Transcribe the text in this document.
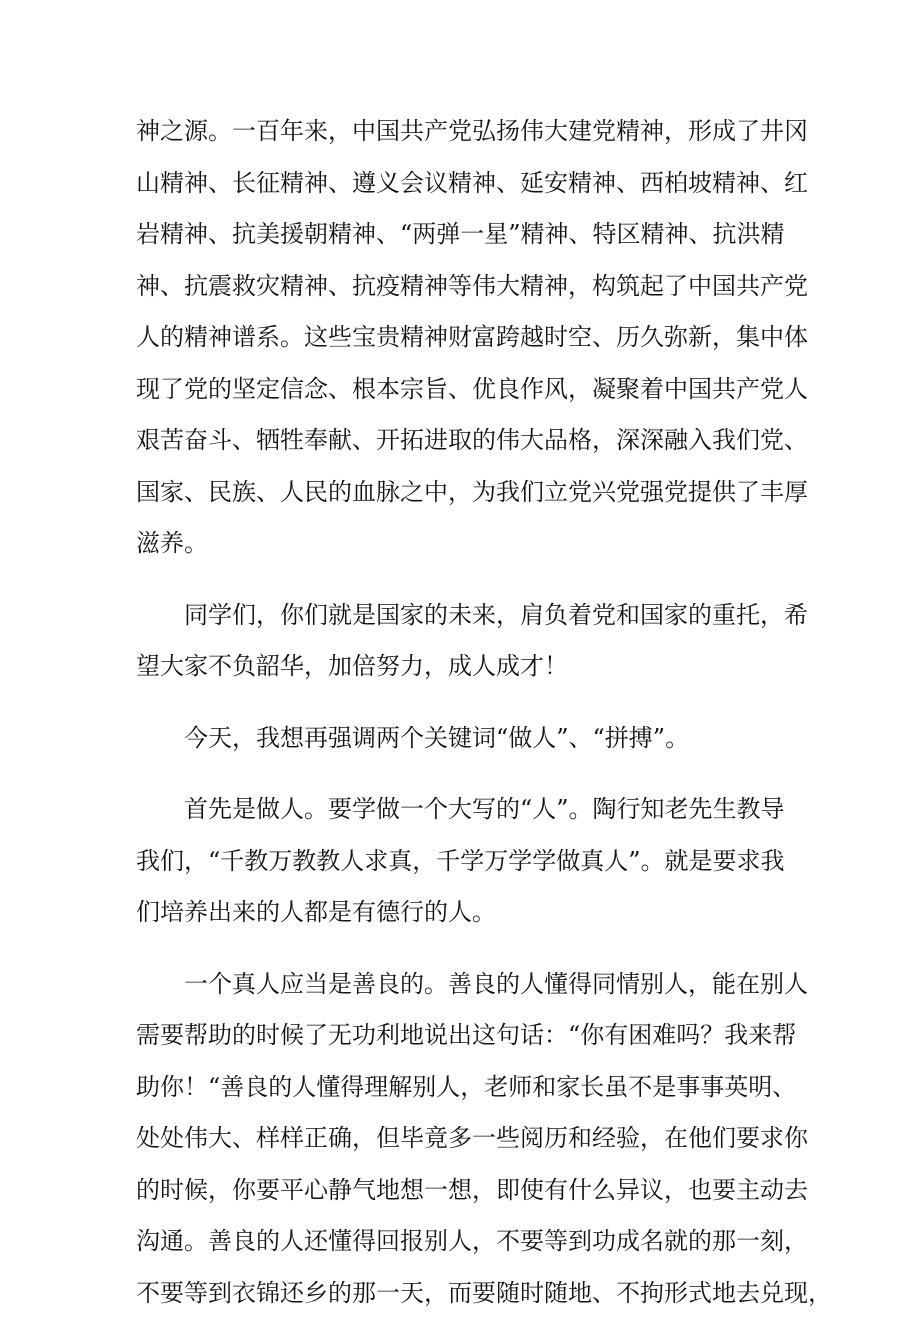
神之源。一百年来，中国共产党弘扬伟大建党精神，形成了井冈
山精神、长征精神、遵义会议精神、延安精神、西柏坡精神、红
岩精神、抗美援朝精神、“两弹一星”精神、特区精神、抗洪精
神、抗震救灾精神、抗疫精神等伟大精神，构筑起了中国共产党
人的精神谱系。这些宝贵精神财富跨越时空、历久弥新，集中体
现了党的坚定信念、根本宗旨、优良作风，凝聚着中国共产党人
艰苦奋斗、牺牲奉献、开拓进取的伟大品格，深深融入我们党、
国家、民族、人民的血脉之中，为我们立党兴党强党提供了丰厚
滋养。

同学们，你们就是国家的未来，肩负着党和国家的重托，希
望大家不负韶华，加倍努力，成人成才！

今天，我想再强调两个关键词“做人”、“拼搏”。

首先是做人。要学做一个大写的“人”。陶行知老先生教导
我们，“千教万教教人求真，千学万学学做真人”。就是要求我
们培养出来的人都是有德行的人。

一个真人应当是善良的。善良的人懂得同情别人，能在别人
需要帮助的时候了无功利地说出这句话：“你有困难吗？我来帮
助你！“善良的人懂得理解别人，老师和家长虽不是事事英明、
处处伟大、样样正确，但毕竟多一些阅历和经验，在他们要求你
的时候，你要平心静气地想一想，即使有什么异议，也要主动去
沟通。善良的人还懂得回报别人，不要等到功成名就的那一刻，
不要等到衣锦还乡的那一天，而要随时随地、不拘形式地去兑现，
